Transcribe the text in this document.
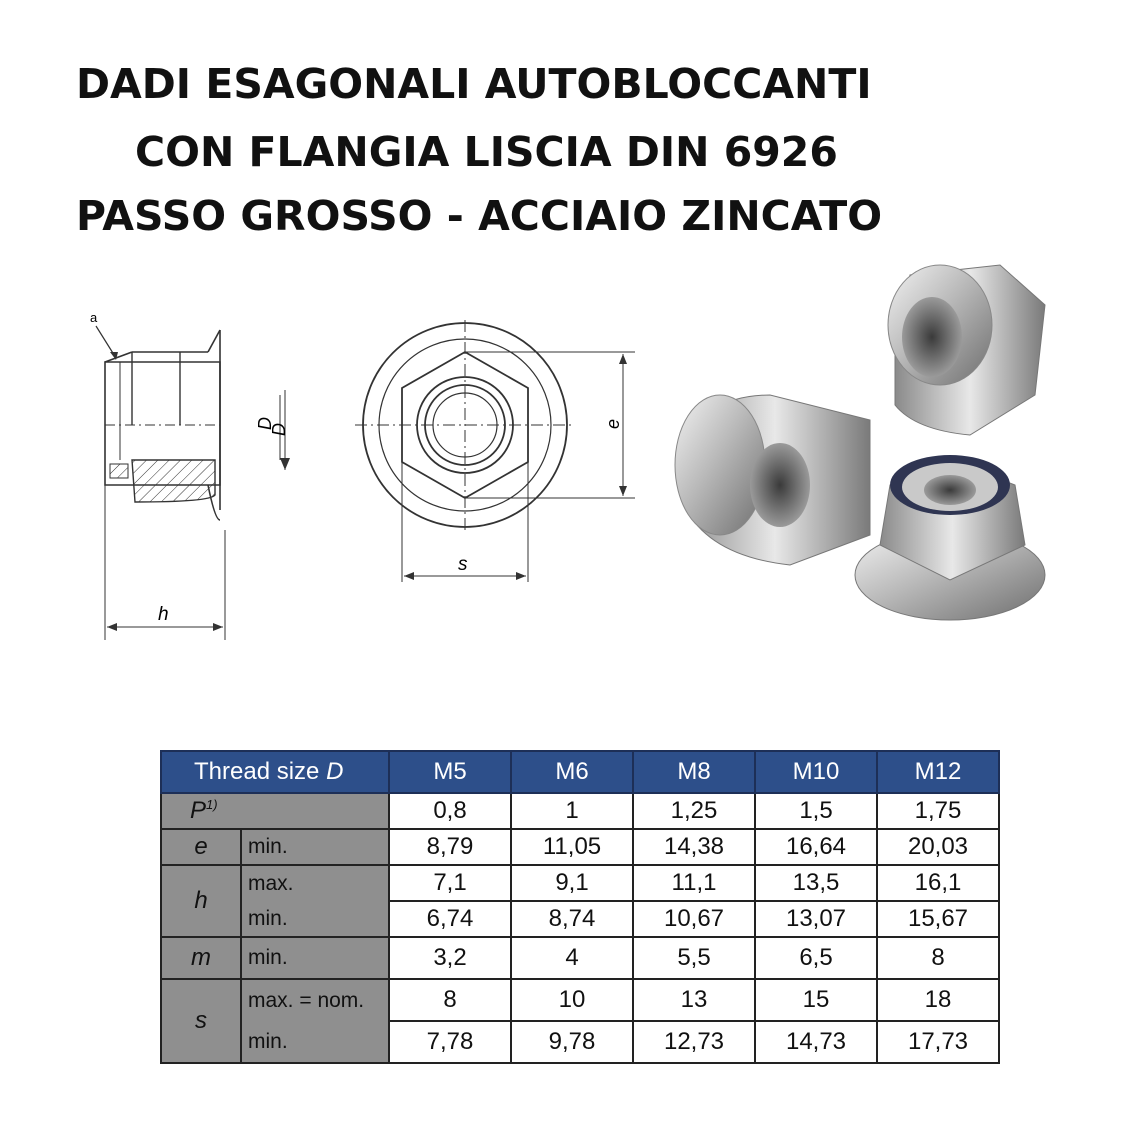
DADI ESAGONALI AUTOBLOCCANTI
CON FLANGIA LISCIA DIN 6926
PASSO GROSSO - ACCIAIO ZINCATO
a
D
h
D	e
s
Thread size D		M5	M6	M8	M10	M12
$P^{1)}$		0,8	1	1,25	1,5	1,75
e	min.	8,79	11,05	14,38	16,64	20,03
h	max.	7,1	9,1	11,1	13,5	16,1
	min.	6,74	8,74	10,67	13,07	15,67
m	min.	3,2	4	5,5	6,5	8
s	max. = nom.	8	10	13	15	18
	min.	7,78	9,78	12,73	14,73	17,73
